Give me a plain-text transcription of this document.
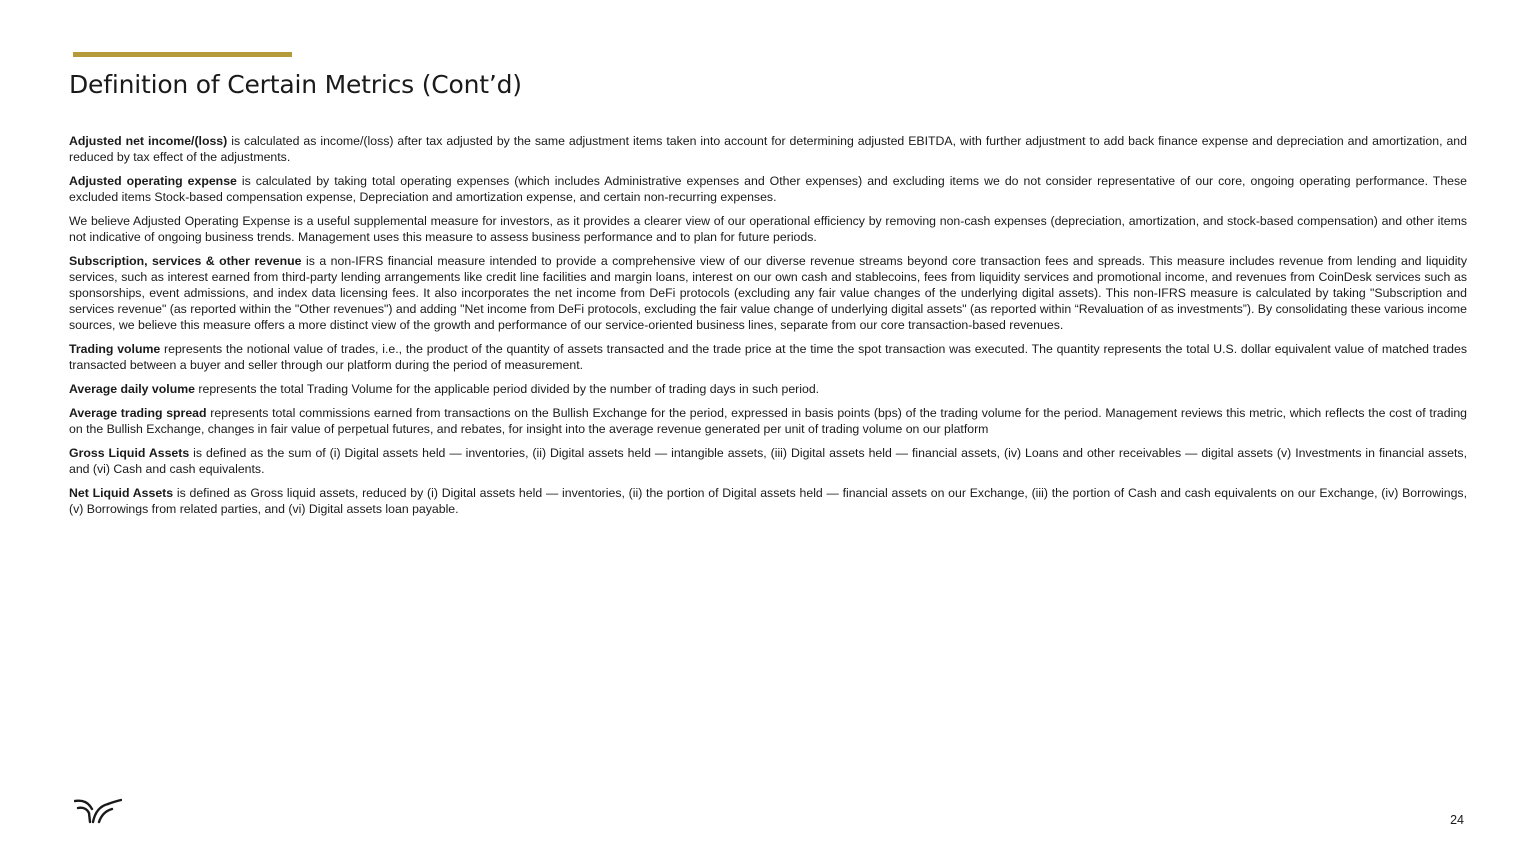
Definition of Certain Metrics (Cont’d)

Adjusted net income/(loss) is calculated as income/(loss) after tax adjusted by the same adjustment items taken into account for determining adjusted EBITDA, with further adjustment to add back finance expense and depreciation and amortization, and reduced by tax effect of the adjustments.

Adjusted operating expense is calculated by taking total operating expenses (which includes Administrative expenses and Other expenses) and excluding items we do not consider representative of our core, ongoing operating performance. These excluded items Stock-based compensation expense, Depreciation and amortization expense, and certain non-recurring expenses.

We believe Adjusted Operating Expense is a useful supplemental measure for investors, as it provides a clearer view of our operational efficiency by removing non-cash expenses (depreciation, amortization, and stock-based compensation) and other items not indicative of ongoing business trends. Management uses this measure to assess business performance and to plan for future periods.

Subscription, services & other revenue is a non-IFRS financial measure intended to provide a comprehensive view of our diverse revenue streams beyond core transaction fees and spreads. This measure includes revenue from lending and liquidity services, such as interest earned from third-party lending arrangements like credit line facilities and margin loans, interest on our own cash and stablecoins, fees from liquidity services and promotional income, and revenues from CoinDesk services such as sponsorships, event admissions, and index data licensing fees. It also incorporates the net income from DeFi protocols (excluding any fair value changes of the underlying digital assets). This non-IFRS measure is calculated by taking "Subscription and services revenue" (as reported within the "Other revenues") and adding "Net income from DeFi protocols, excluding the fair value change of underlying digital assets" (as reported within “Revaluation of as investments”). By consolidating these various income sources, we believe this measure offers a more distinct view of the growth and performance of our service-oriented business lines, separate from our core transaction-based revenues.

Trading volume represents the notional value of trades, i.e., the product of the quantity of assets transacted and the trade price at the time the spot transaction was executed. The quantity represents the total U.S. dollar equivalent value of matched trades transacted between a buyer and seller through our platform during the period of measurement.

Average daily volume represents the total Trading Volume for the applicable period divided by the number of trading days in such period.

Average trading spread represents total commissions earned from transactions on the Bullish Exchange for the period, expressed in basis points (bps) of the trading volume for the period. Management reviews this metric, which reflects the cost of trading on the Bullish Exchange, changes in fair value of perpetual futures, and rebates, for insight into the average revenue generated per unit of trading volume on our platform

Gross Liquid Assets is defined as the sum of (i) Digital assets held — inventories, (ii) Digital assets held — intangible assets, (iii) Digital assets held — financial assets, (iv) Loans and other receivables — digital assets (v) Investments in financial assets, and (vi) Cash and cash equivalents.

Net Liquid Assets is defined as Gross liquid assets, reduced by (i) Digital assets held — inventories, (ii) the portion of Digital assets held — financial assets on our Exchange, (iii) the portion of Cash and cash equivalents on our Exchange, (iv) Borrowings, (v) Borrowings from related parties, and (vi) Digital assets loan payable.

24
